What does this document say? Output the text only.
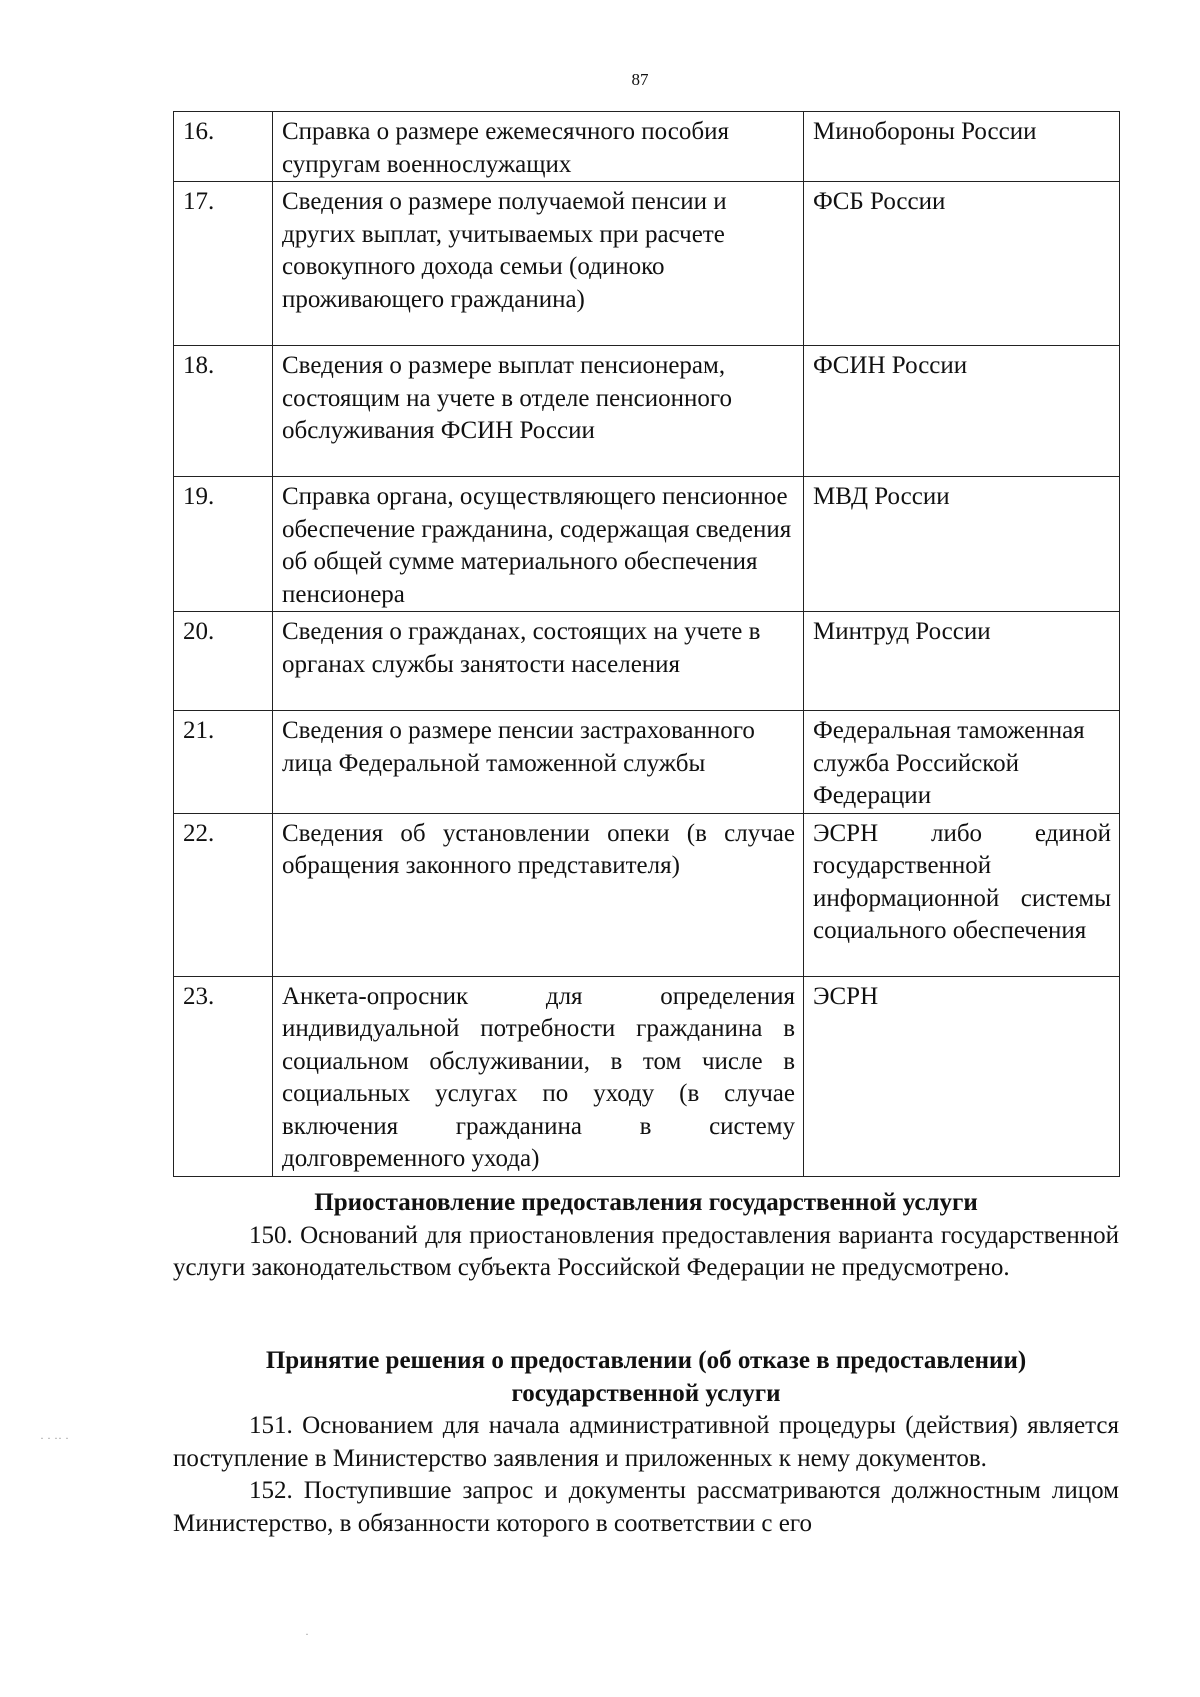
87
16.	Справка о размере ежемесячного пособия супругам военнослужащих	Минобороны России
17.	Сведения о размере получаемой пенсии и других выплат, учитываемых при расчете совокупного дохода семьи (одиноко проживающего гражданина)	ФСБ России
18.	Сведения о размере выплат пенсионерам, состоящим на учете в отделе пенсионного обслуживания ФСИН России	ФСИН России
19.	Справка органа, осуществляющего пенсионное обеспечение гражданина, содержащая сведения об общей сумме материального обеспечения пенсионера	МВД России
20.	Сведения о гражданах, состоящих на учете в органах службы занятости населения	Минтруд России
21.	Сведения о размере пенсии застрахованного лица Федеральной таможенной службы	Федеральная таможенная служба Российской Федерации
22.	Сведения об установлении опеки (в случае обращения законного представителя)	ЭСРН либо единой государственной информационной системы социального обеспечения
23.	Анкета-опросник для определения индивидуальной потребности гражданина в социальном обслуживании, в том числе в социальных услугах по уходу (в случае включения гражданина в систему долговременного ухода)	ЭСРН

Приостановление предоставления государственной услуги

150. Оснований для приостановления предоставления варианта государственной услуги законодательством субъекта Российской Федерации не предусмотрено.

Принятие решения о предоставлении (об отказе в предоставлении) государственной услуги

151. Основанием для начала административной процедуры (действия) является поступление в Министерство заявления и приложенных к нему документов.

152. Поступившие запрос и документы рассматриваются должностным лицом Министерство, в обязанности которого в соответствии с его

· · ·· ·
·
